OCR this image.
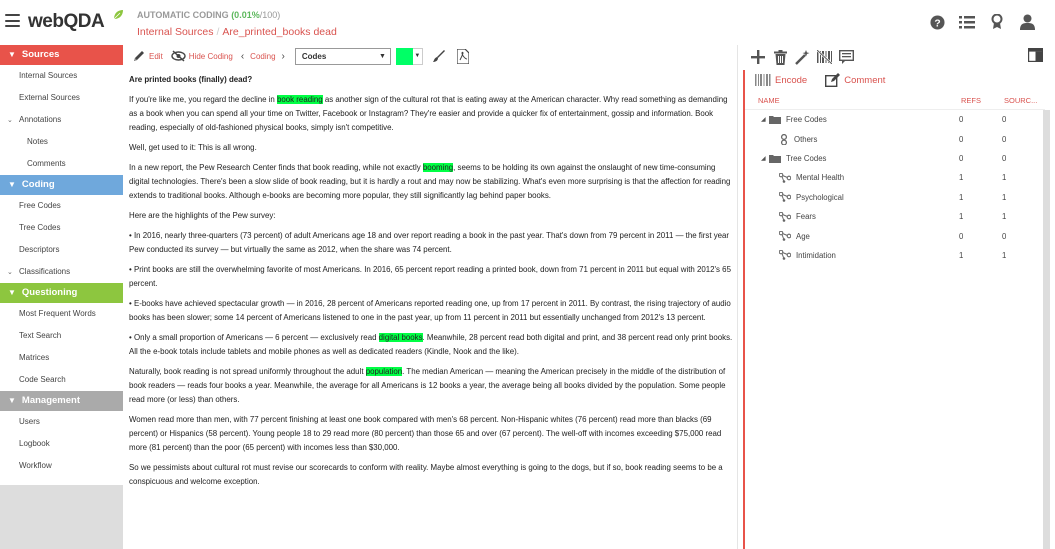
webQDA	AUTOMATIC CODING (0.01%/100)
Internal Sources / Are_printed_books dead
?
▼ Sources
Internal Sources
External Sources
⌄ Annotations
Notes
Comments
▼ Coding
Free Codes
Tree Codes
Descriptors
⌄ Classifications
▼ Questioning
Most Frequent Words
Text Search
Matrices
Code Search
▼ Management
Users
Logbook
Workflow
Edit	Hide Coding ‹ Coding › Codes	▼	▼

Are printed books (finally) dead?

If you're like me, you regard the decline in book reading as another sign of the cultural rot that is eating away at the American character. Why read something as demanding as a book when you can spend all your time on Twitter, Facebook or Instagram? They're easier and provide a quicker fix of entertainment, gossip and information. Book reading, especially of old-fashioned physical books, simply isn't competitive.

Well, get used to it: This is all wrong.

In a new report, the Pew Research Center finds that book reading, while not exactly booming, seems to be holding its own against the onslaught of new time-consuming digital technologies. There's been a slow slide of book reading, but it is hardly a rout and may now be stabilizing. What's even more surprising is that the affection for reading extends to traditional books. Although e-books are becoming more popular, they still significantly lag behind paper books.

Here are the highlights of the Pew survey:

• In 2016, nearly three-quarters (73 percent) of adult Americans age 18 and over report reading a book in the past year. That's down from 79 percent in 2011 — the first year Pew conducted its survey — but virtually the same as 2012, when the share was 74 percent.

• Print books are still the overwhelming favorite of most Americans. In 2016, 65 percent report reading a printed book, down from 71 percent in 2011 but equal with 2012's 65 percent.

• E-books have achieved spectacular growth — in 2016, 28 percent of Americans reported reading one, up from 17 percent in 2011. By contrast, the rising trajectory of audio books has been slower; some 14 percent of Americans listened to one in the past year, up from 11 percent in 2011 but essentially unchanged from 2012's 13 percent.

• Only a small proportion of Americans — 6 percent — exclusively read digital books. Meanwhile, 28 percent read both digital and print, and 38 percent read only print books. All the e-book totals include tablets and mobile phones as well as dedicated readers (Kindle, Nook and the like).

Naturally, book reading is not spread uniformly throughout the adult population. The median American — meaning the American precisely in the middle of the distribution of book readers — reads four books a year. Meanwhile, the average for all Americans is 12 books a year, the average being all books divided by the population. Some people read more (or less) than others.

Women read more than men, with 77 percent finishing at least one book compared with men's 68 percent. Non-Hispanic whites (76 percent) read more than blacks (69 percent) or Hispanics (58 percent). Young people 18 to 29 read more (80 percent) than those 65 and over (67 percent). The well-off with incomes exceeding $75,000 read more (81 percent) than the poor (65 percent) with incomes less than $30,000.

So we pessimists about cultural rot must revise our scorecards to conform with reality. Maybe almost everything is going to the dogs, but if so, book reading seems to be a conspicuous and welcome exception.

Encode	Comment
NAME	REFS	SOURC...
◢	Free Codes	0	0
Others	0	0
◢	Tree Codes	0	0
Mental Health	1	1
Psychological	1	1
Fears	1	1
Age	0	0
Intimidation	1	1
